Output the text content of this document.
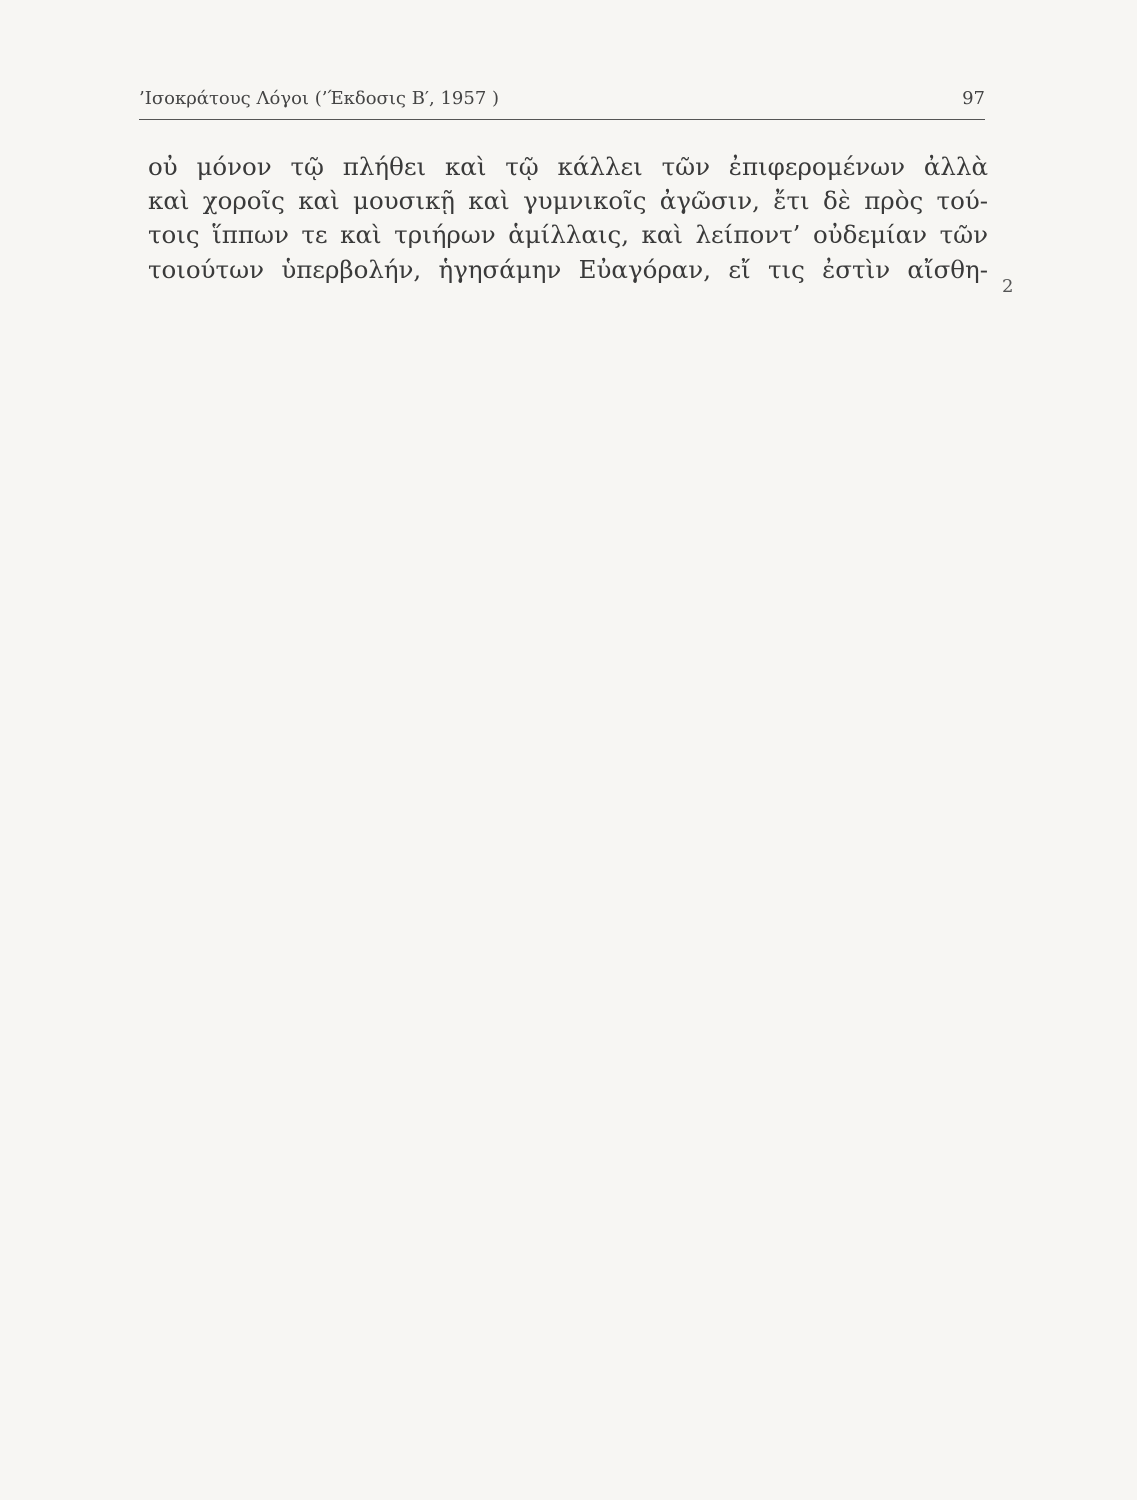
’Ισοκράτους Λόγοι (’Έκδοσις Β′, 1957 )	97
οὐ μόνον τῷ πλήθει καὶ τῷ κάλλει τῶν ἐπιφερομένων ἀλλὰ
καὶ χοροῖς καὶ μουσικῇ καὶ γυμνικοῖς ἀγῶσιν, ἔτι δὲ πρὸς τού-
τοις ἵππων τε καὶ τριήρων ἁμίλλαις, καὶ λείποντ’ οὐδεμίαν τῶν
τοιούτων ὑπερβολήν, ἡγησάμην Εὐαγόραν, εἴ τις ἐστὶν αἴσθη-
2
